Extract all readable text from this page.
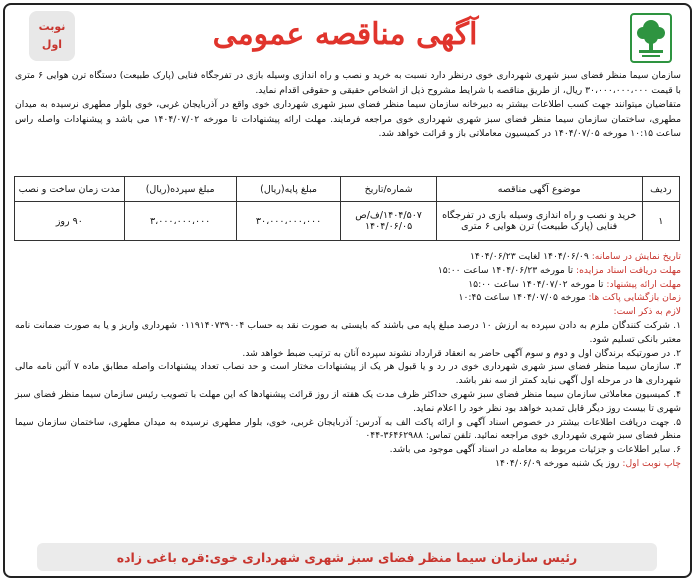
نوبت
اول	آگهی مناقصه عمومی

سازمان سیما منظر فضای سبز شهری شهرداری خوی درنظر دارد نسبت به خرید و نصب و راه اندازی وسیله بازی در تفرجگاه فنایی (پارک طبیعت) دستگاه ترن هوایی ۶ متری با قیمت ۳۰،۰۰۰،۰۰۰،۰۰۰ ریال، از طریق مناقصه با شرایط مشروح ذیل از اشخاص حقیقی و حقوقی اقدام نماید.

متقاضیان میتوانند جهت کسب اطلاعات بیشتر به دبیرخانه سازمان سیما منظر فضای سبز شهری شهرداری خوی واقع در آذربایجان غربی، خوی بلوار مطهری نرسیده به میدان مطهری، ساختمان سازمان سیما منظر فضای سبز شهری شهرداری خوی مراجعه فرمایند. مهلت ارائه پیشنهادات تا مورخه ۱۴۰۴/۰۷/۰۲ می باشد و پیشنهادات واصله راس ساعت ۱۰:۱۵ مورخه ۱۴۰۴/۰۷/۰۵ در کمیسیون معاملاتی باز و قرائت خواهد شد.

ردیف	موضوع آگهی مناقصه	شماره/تاریخ	مبلغ پایه(ریال)	مبلغ سپرده(ریال)	مدت زمان ساخت و نصب
۱	خرید و نصب و راه اندازی وسیله بازی در تفرجگاه فنایی (پارک طبیعت) ترن هوایی ۶ متری	۱۴۰۴/۵۰۷/ف/ص
۱۴۰۴/۰۶/۰۵	۳۰،۰۰۰،۰۰۰،۰۰۰	۳،۰۰۰،۰۰۰،۰۰۰	۹۰ روز

تاریخ نمایش در سامانه: ۱۴۰۴/۰۶/۰۹ لغایت ۱۴۰۴/۰۶/۲۳

مهلت دریافت اسناد مزایده: تا مورخه ۱۴۰۴/۰۶/۲۳ ساعت ۱۵:۰۰

مهلت ارائه پیشنهاد: تا مورخه ۱۴۰۴/۰۷/۰۲ ساعت ۱۵:۰۰

زمان بازگشایی پاکت ها: مورخه ۱۴۰۴/۰۷/۰۵ ساعت ۱۰:۴۵

لازم به ذکر است:

۱. شرکت کنندگان ملزم به دادن سپرده به ارزش ۱۰ درصد مبلغ پایه می باشند که بایستی به صورت نقد به حساب ۰۱۱۹۱۴۰۷۳۹۰۰۴ شهرداری واریز و یا به صورت ضمانت نامه معتبر بانکی تسلیم شود.

۲. در صورتیکه برندگان اول و دوم و سوم آگهی حاضر به انعقاد قرارداد نشوند سپرده آنان به ترتیب ضبط خواهد شد.

۳. سازمان سیما منظر فضای سبز شهری شهرداری خوی در رد و یا قبول هر یک از پیشنهادات مختار است و حد نصاب تعداد پیشنهادات واصله مطابق ماده ۷ آئین نامه مالی شهرداری ها در مرحله اول آگهی نباید کمتر از سه نفر باشد.

۴. کمیسیون معاملاتی سازمان سیما منظر فضای سبز شهری حداکثر ظرف مدت یک هفته از روز قرائت پیشنهادها که این مهلت با تصویب رئیس سازمان سیما منظر فضای سبز شهری تا بیست روز دیگر قابل تمدید خواهد بود نظر خود را اعلام نماید.

۵. جهت دریافت اطلاعات بیشتر در خصوص اسناد آگهی و ارائه پاکت الف به آدرس: آذربایجان غربی، خوی، بلوار مطهری نرسیده به میدان مطهری، ساختمان سازمان سیما منظر فضای سبز شهری شهرداری خوی مراجعه نمائید. تلفن تماس: ۳۶۴۶۲۹۸۸-۰۴۴

۶. سایر اطلاعات و جزئیات مربوط به معامله در اسناد آگهی موجود می باشد.

چاپ نوبت اول: روز یک شنبه مورخه ۱۴۰۴/۰۶/۰۹

رئیس سازمان سیما منظر فضای سبز شهری شهرداری خوی:قره باغی زاده
